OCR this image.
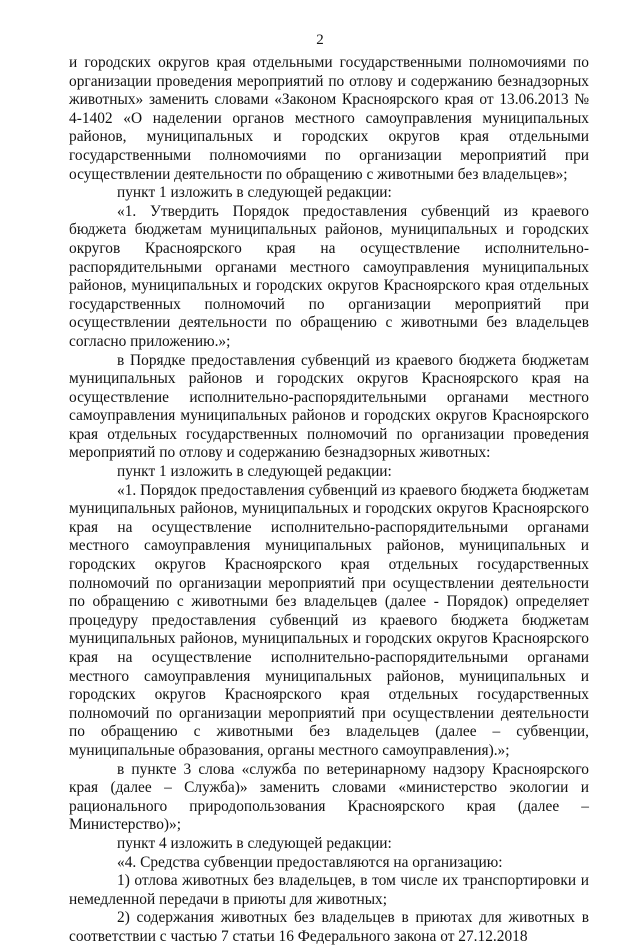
2

и городских округов края отдельными государственными полномочиями по организации проведения мероприятий по отлову и содержанию безнадзорных животных» заменить словами «Законом Красноярского края от 13.06.2013 № 4-1402 «О наделении органов местного самоуправления муниципальных районов, муниципальных и городских округов края отдельными государственными полномочиями по организации мероприятий при осуществлении деятельности по обращению с животными без владельцев»;

пункт 1 изложить в следующей редакции:

«1. Утвердить Порядок предоставления субвенций из краевого бюджета бюджетам муниципальных районов, муниципальных и городских округов Красноярского края на осуществление исполнительно-распорядительными органами местного самоуправления муниципальных районов, муниципальных и городских округов Красноярского края отдельных государственных полномочий по организации мероприятий при осуществлении деятельности по обращению с животными без владельцев согласно приложению.»;

в Порядке предоставления субвенций из краевого бюджета бюджетам муниципальных районов и городских округов Красноярского края на осуществление исполнительно-распорядительными органами местного самоуправления муниципальных районов и городских округов Красноярского края отдельных государственных полномочий по организации проведения мероприятий по отлову и содержанию безнадзорных животных:

пункт 1 изложить в следующей редакции:

«1. Порядок предоставления субвенций из краевого бюджета бюджетам муниципальных районов, муниципальных и городских округов Красноярского края на осуществление исполнительно-распорядительными органами местного самоуправления муниципальных районов, муниципальных и городских округов Красноярского края отдельных государственных полномочий по организации мероприятий при осуществлении деятельности по обращению с животными без владельцев (далее - Порядок) определяет процедуру предоставления субвенций из краевого бюджета бюджетам муниципальных районов, муниципальных и городских округов Красноярского края на осуществление исполнительно-распорядительными органами местного самоуправления муниципальных районов, муниципальных и городских округов Красноярского края отдельных государственных полномочий по организации мероприятий при осуществлении деятельности по обращению с животными без владельцев (далее – субвенции, муниципальные образования, органы местного самоуправления).»;

в пункте 3 слова «служба по ветеринарному надзору Красноярского края (далее – Служба)» заменить словами «министерство экологии и рационального природопользования Красноярского края (далее – Министерство)»;

пункт 4 изложить в следующей редакции:

«4. Средства субвенции предоставляются на организацию:

1) отлова животных без владельцев, в том числе их транспортировки и немедленной передачи в приюты для животных;

2) содержания животных без владельцев в приютах для животных в соответствии с частью 7 статьи 16 Федерального закона от 27.12.2018
